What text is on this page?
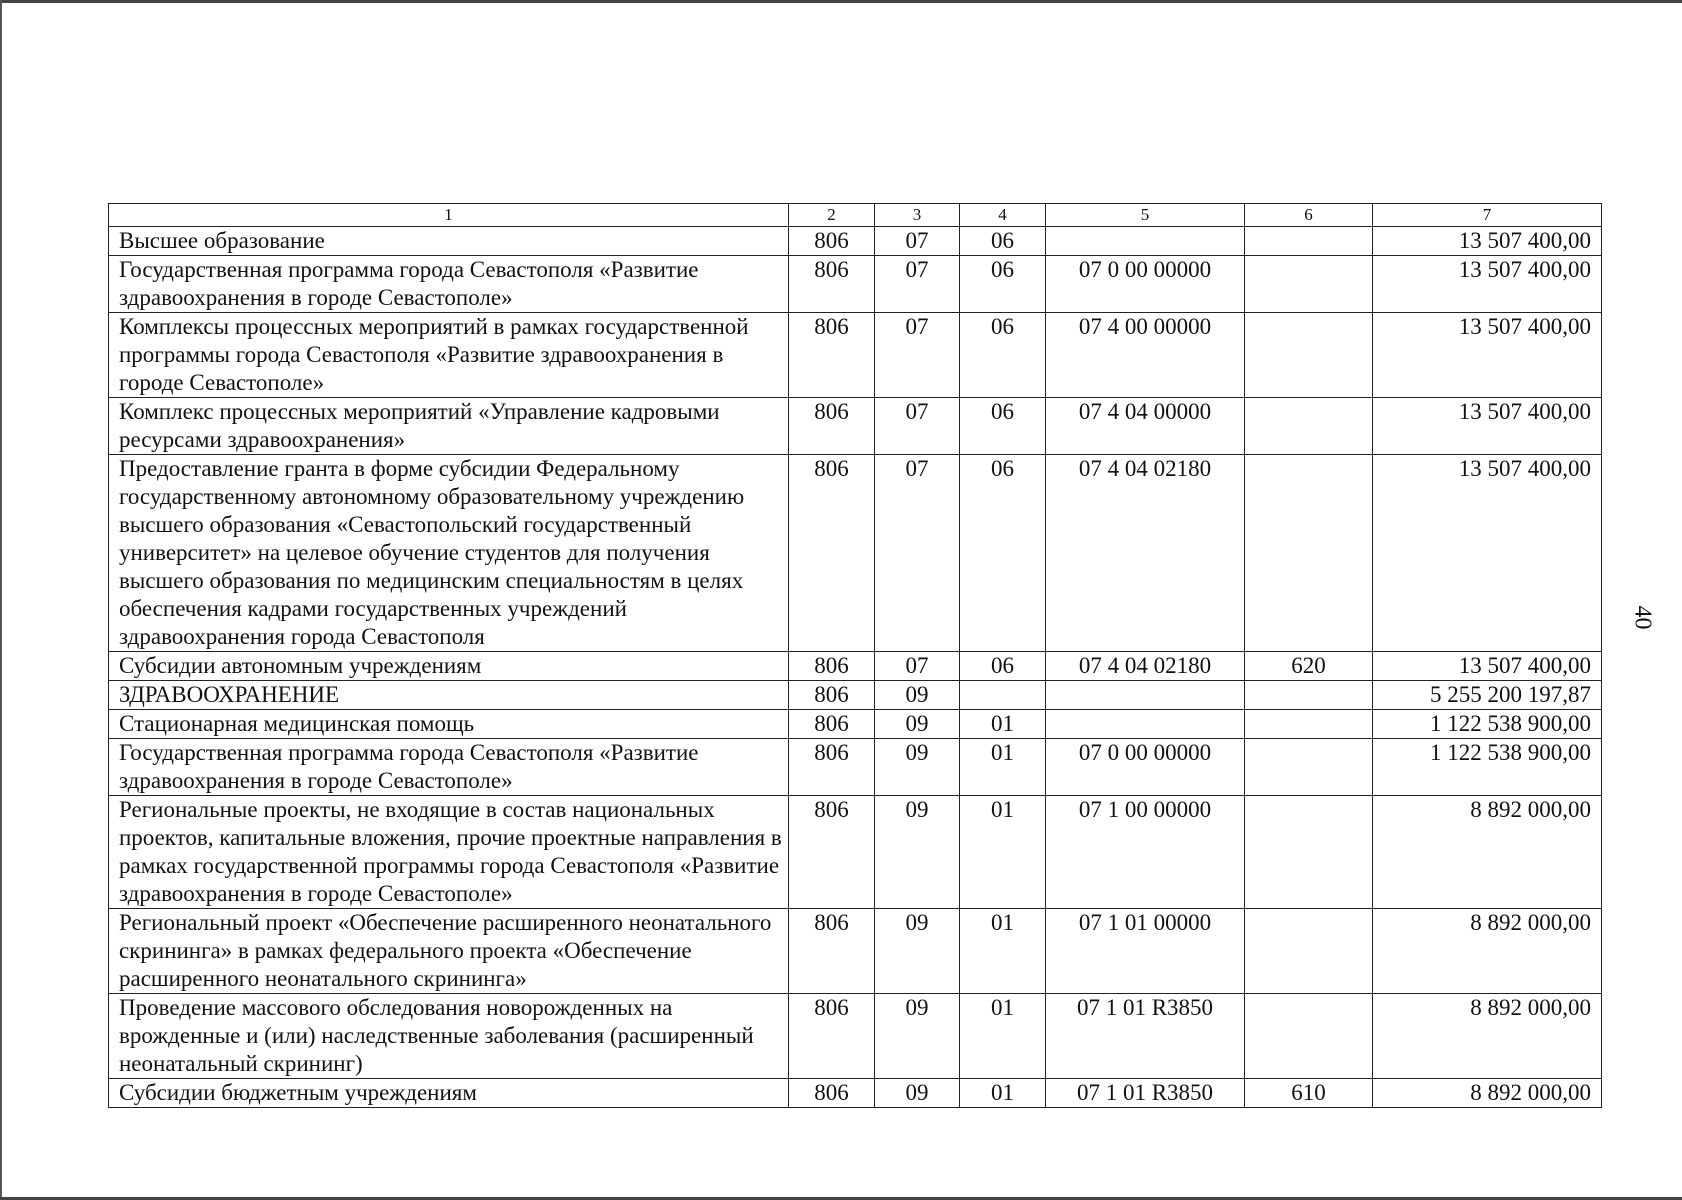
1	2	3	4	5	6	7
Высшее образование	806	07	06			13 507 400,00
Государственная программа города Севастополя «Развитие здравоохранения в городе Севастополе»	806	07	06	07 0 00 00000		13 507 400,00
Комплексы процессных мероприятий в рамках государственной программы города Севастополя «Развитие здравоохранения в городе Севастополе»	806	07	06	07 4 00 00000		13 507 400,00
Комплекс процессных мероприятий «Управление кадровыми ресурсами здравоохранения»	806	07	06	07 4 04 00000		13 507 400,00
Предоставление гранта в форме субсидии Федеральному государственному автономному образовательному учреждению высшего образования «Севастопольский государственный университет» на целевое обучение студентов для получения высшего образования по медицинским специальностям в целях обеспечения кадрами государственных учреждений здравоохранения города Севастополя	806	07	06	07 4 04 02180		13 507 400,00
Субсидии автономным учреждениям	806	07	06	07 4 04 02180	620	13 507 400,00
ЗДРАВООХРАНЕНИЕ	806	09				5 255 200 197,87
Стационарная медицинская помощь	806	09	01			1 122 538 900,00
Государственная программа города Севастополя «Развитие здравоохранения в городе Севастополе»	806	09	01	07 0 00 00000		1 122 538 900,00
Региональные проекты, не входящие в состав национальных проектов, капитальные вложения, прочие проектные направления в рамках государственной программы города Севастополя «Развитие здравоохранения в городе Севастополе»	806	09	01	07 1 00 00000		8 892 000,00
Региональный проект «Обеспечение расширенного неонатального скрининга» в рамках федерального проекта «Обеспечение расширенного неонатального скрининга»	806	09	01	07 1 01 00000		8 892 000,00
Проведение массового обследования новорожденных на врожденные и (или) наследственные заболевания (расширенный неонатальный скрининг)	806	09	01	07 1 01 R3850		8 892 000,00
Субсидии бюджетным учреждениям	806	09	01	07 1 01 R3850	610	8 892 000,00
40
